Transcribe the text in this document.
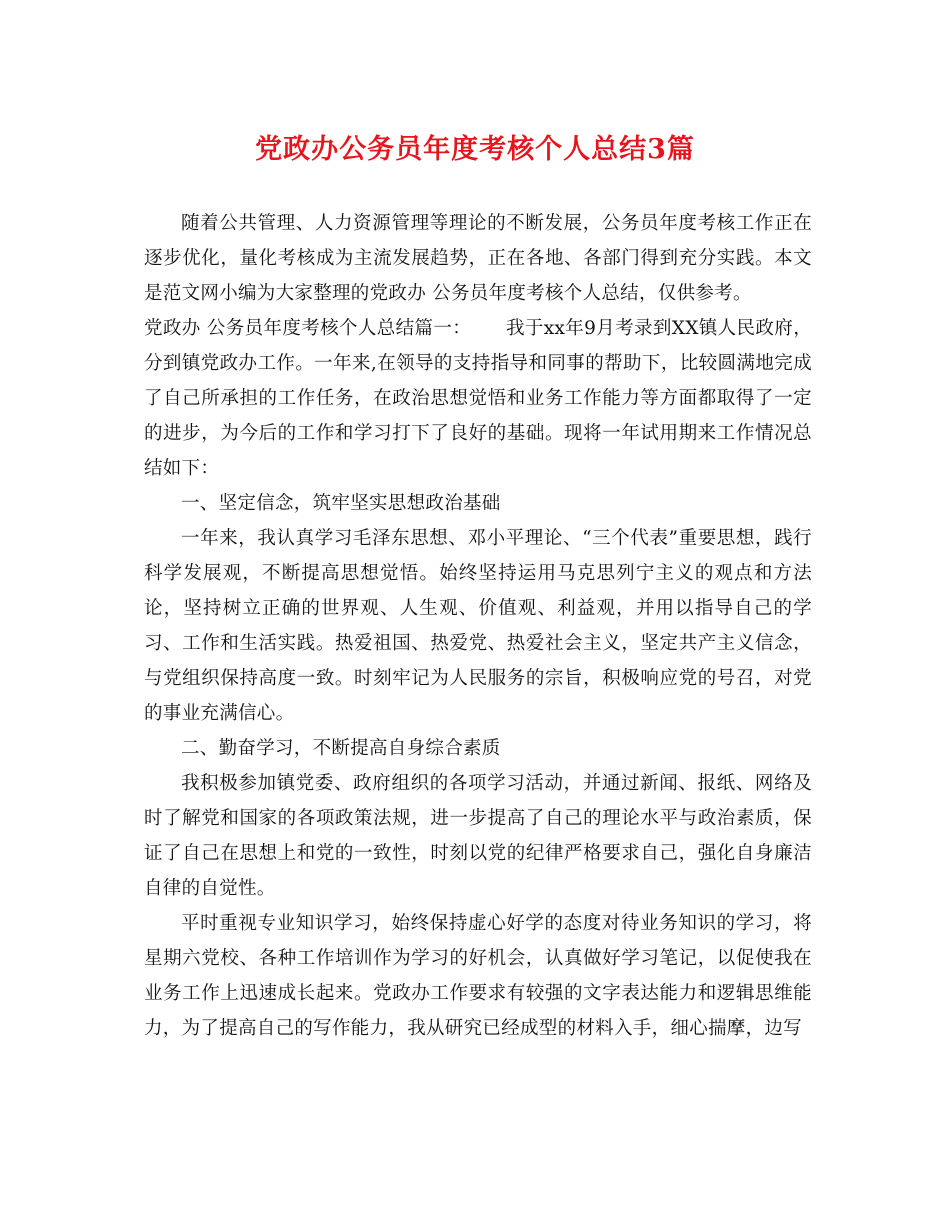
党政办公务员年度考核个人总结3篇

随着公共管理、人力资源管理等理论的不断发展，公务员年度考核工作正在逐步优化，量化考核成为主流发展趋势，正在各地、各部门得到充分实践。本文是范文网小编为大家整理的党政办 公务员年度考核个人总结，仅供参考。

党政办 公务员年度考核个人总结篇一：　　 我于xx年9月考录到XX镇人民政府，分到镇党政办工作。一年来,在领导的支持指导和同事的帮助下，比较圆满地完成了自己所承担的工作任务，在政治思想觉悟和业务工作能力等方面都取得了一定的进步，为今后的工作和学习打下了良好的基础。现将一年试用期来工作情况总结如下：

一、坚定信念，筑牢坚实思想政治基础

一年来，我认真学习毛泽东思想、邓小平理论、“三个代表”重要思想，践行科学发展观，不断提高思想觉悟。始终坚持运用马克思列宁主义的观点和方法论，坚持树立正确的世界观、人生观、价值观、利益观，并用以指导自己的学习、工作和生活实践。热爱祖国、热爱党、热爱社会主义，坚定共产主义信念，与党组织保持高度一致。时刻牢记为人民服务的宗旨，积极响应党的号召，对党的事业充满信心。

二、勤奋学习，不断提高自身综合素质

我积极参加镇党委、政府组织的各项学习活动，并通过新闻、报纸、网络及时了解党和国家的各项政策法规，进一步提高了自己的理论水平与政治素质，保证了自己在思想上和党的一致性，时刻以党的纪律严格要求自己，强化自身廉洁自律的自觉性。

平时重视专业知识学习，始终保持虚心好学的态度对待业务知识的学习，将星期六党校、各种工作培训作为学习的好机会，认真做好学习笔记，以促使我在业务工作上迅速成长起来。党政办工作要求有较强的文字表达能力和逻辑思维能力，为了提高自己的写作能力，我从研究已经成型的材料入手，细心揣摩，边写
